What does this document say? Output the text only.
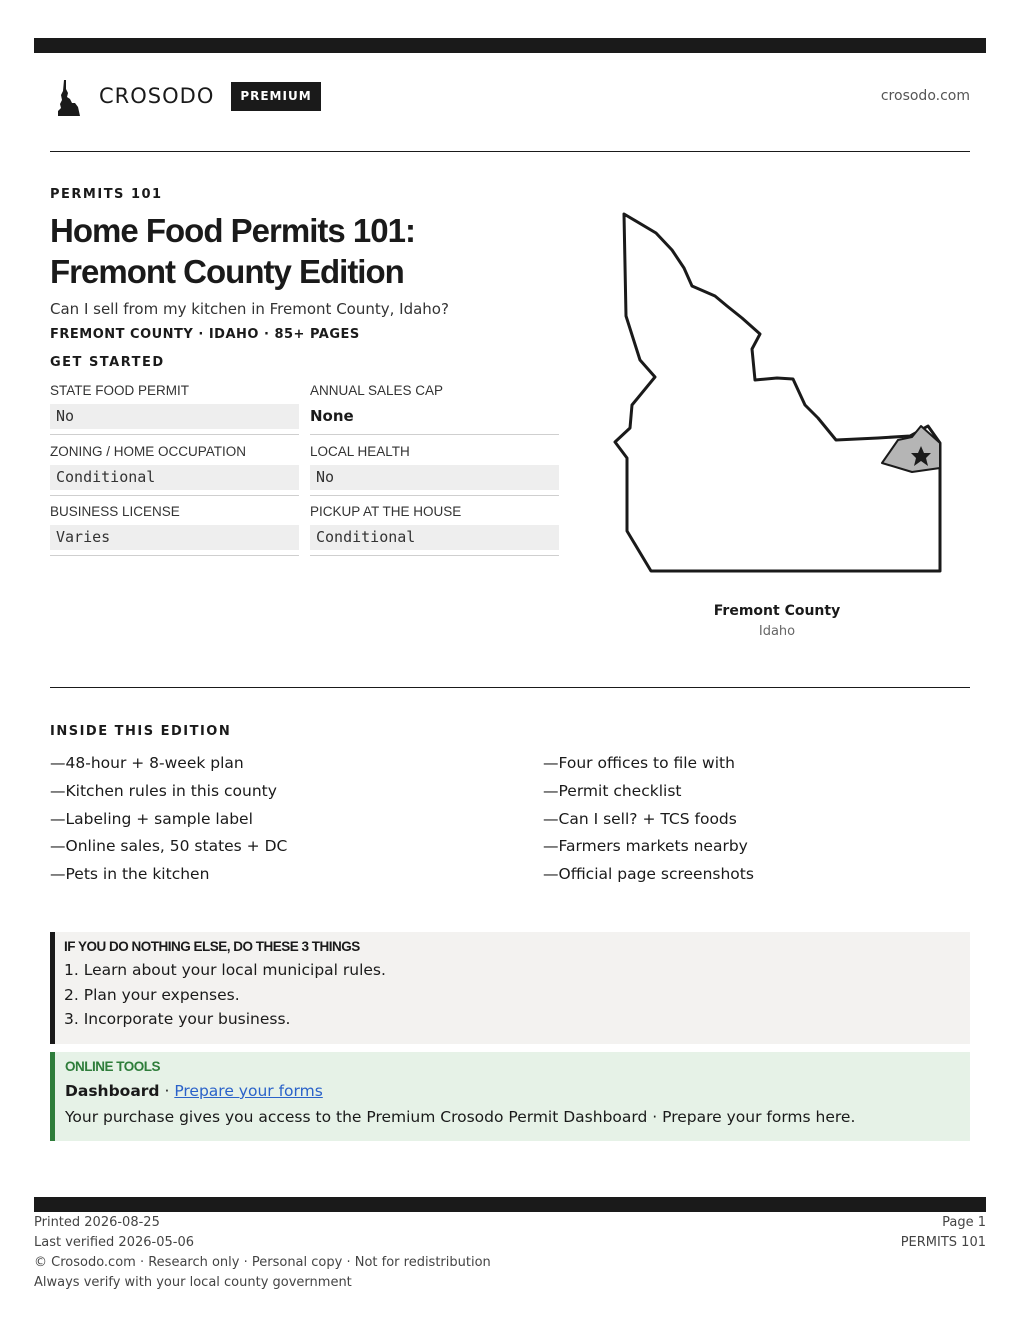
CROSODO	PREMIUM	crosodo.com
PERMITS 101
Home Food Permits 101:
Fremont County Edition
Can I sell from my kitchen in Fremont County, Idaho?
FREMONT COUNTY · IDAHO · 85+ PAGES
GET STARTED
STATE FOOD PERMIT
No
ANNUAL SALES CAP
None
ZONING / HOME OCCUPATION
Conditional
LOCAL HEALTH
No
BUSINESS LICENSE
Varies
PICKUP AT THE HOUSE
Conditional
Fremont County
Idaho
INSIDE THIS EDITION
—48-hour + 8-week plan
—Kitchen rules in this county
—Labeling + sample label
—Online sales, 50 states + DC
—Pets in the kitchen
—Four offices to file with
—Permit checklist
—Can I sell? + TCS foods
—Farmers markets nearby
—Official page screenshots
IF YOU DO NOTHING ELSE, DO THESE 3 THINGS
1. Learn about your local municipal rules.
2. Plan your expenses.
3. Incorporate your business.
ONLINE TOOLS
Dashboard · Prepare your forms
Your purchase gives you access to the Premium Crosodo Permit Dashboard · Prepare your forms here.
Printed 2026-08-25
Last verified 2026-05-06
© Crosodo.com · Research only · Personal copy · Not for redistribution
Always verify with your local county government
Page 1
PERMITS 101
